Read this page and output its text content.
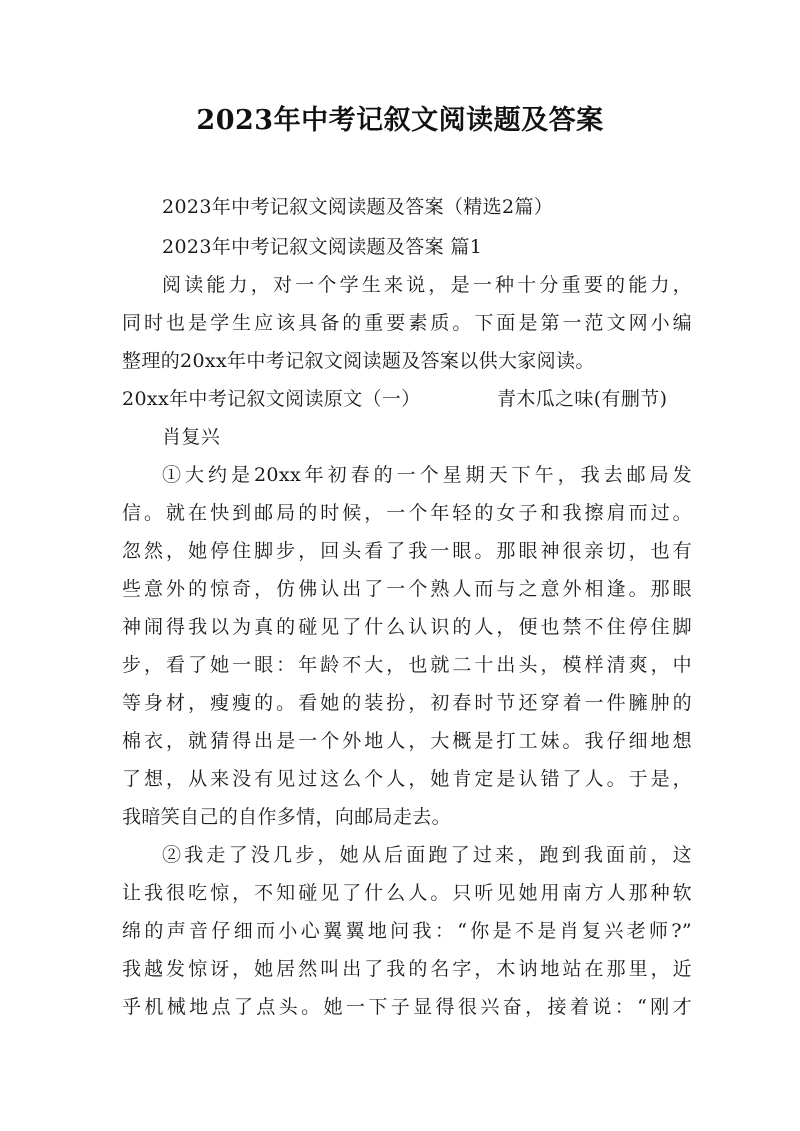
2023年中考记叙文阅读题及答案
2023年中考记叙文阅读题及答案（精选2篇）
2023年中考记叙文阅读题及答案 篇1
阅读能力，对一个学生来说，是一种十分重要的能力，
同时也是学生应该具备的重要素质。下面是第一范文网小编
整理的20xx年中考记叙文阅读题及答案以供大家阅读。
20xx年中考记叙文阅读原文（一）	青木瓜之味(有删节)
肖复兴
①大约是20xx年初春的一个星期天下午，我去邮局发
信。就在快到邮局的时候，一个年轻的女子和我擦肩而过。
忽然，她停住脚步，回头看了我一眼。那眼神很亲切，也有
些意外的惊奇，仿佛认出了一个熟人而与之意外相逢。那眼
神闹得我以为真的碰见了什么认识的人，便也禁不住停住脚
步，看了她一眼：年龄不大，也就二十出头，模样清爽，中
等身材，瘦瘦的。看她的装扮，初春时节还穿着一件臃肿的
棉衣，就猜得出是一个外地人，大概是打工妹。我仔细地想
了想，从来没有见过这么个人，她肯定是认错了人。于是，
我暗笑自己的自作多情，向邮局走去。
②我走了没几步，她从后面跑了过来，跑到我面前，这
让我很吃惊，不知碰见了什么人。只听见她用南方人那种软
绵的声音仔细而小心翼翼地问我：“你是不是肖复兴老师?”
我越发惊讶，她居然叫出了我的名字，木讷地站在那里，近
乎机械地点了点头。她一下子显得很兴奋，接着说：“刚才
